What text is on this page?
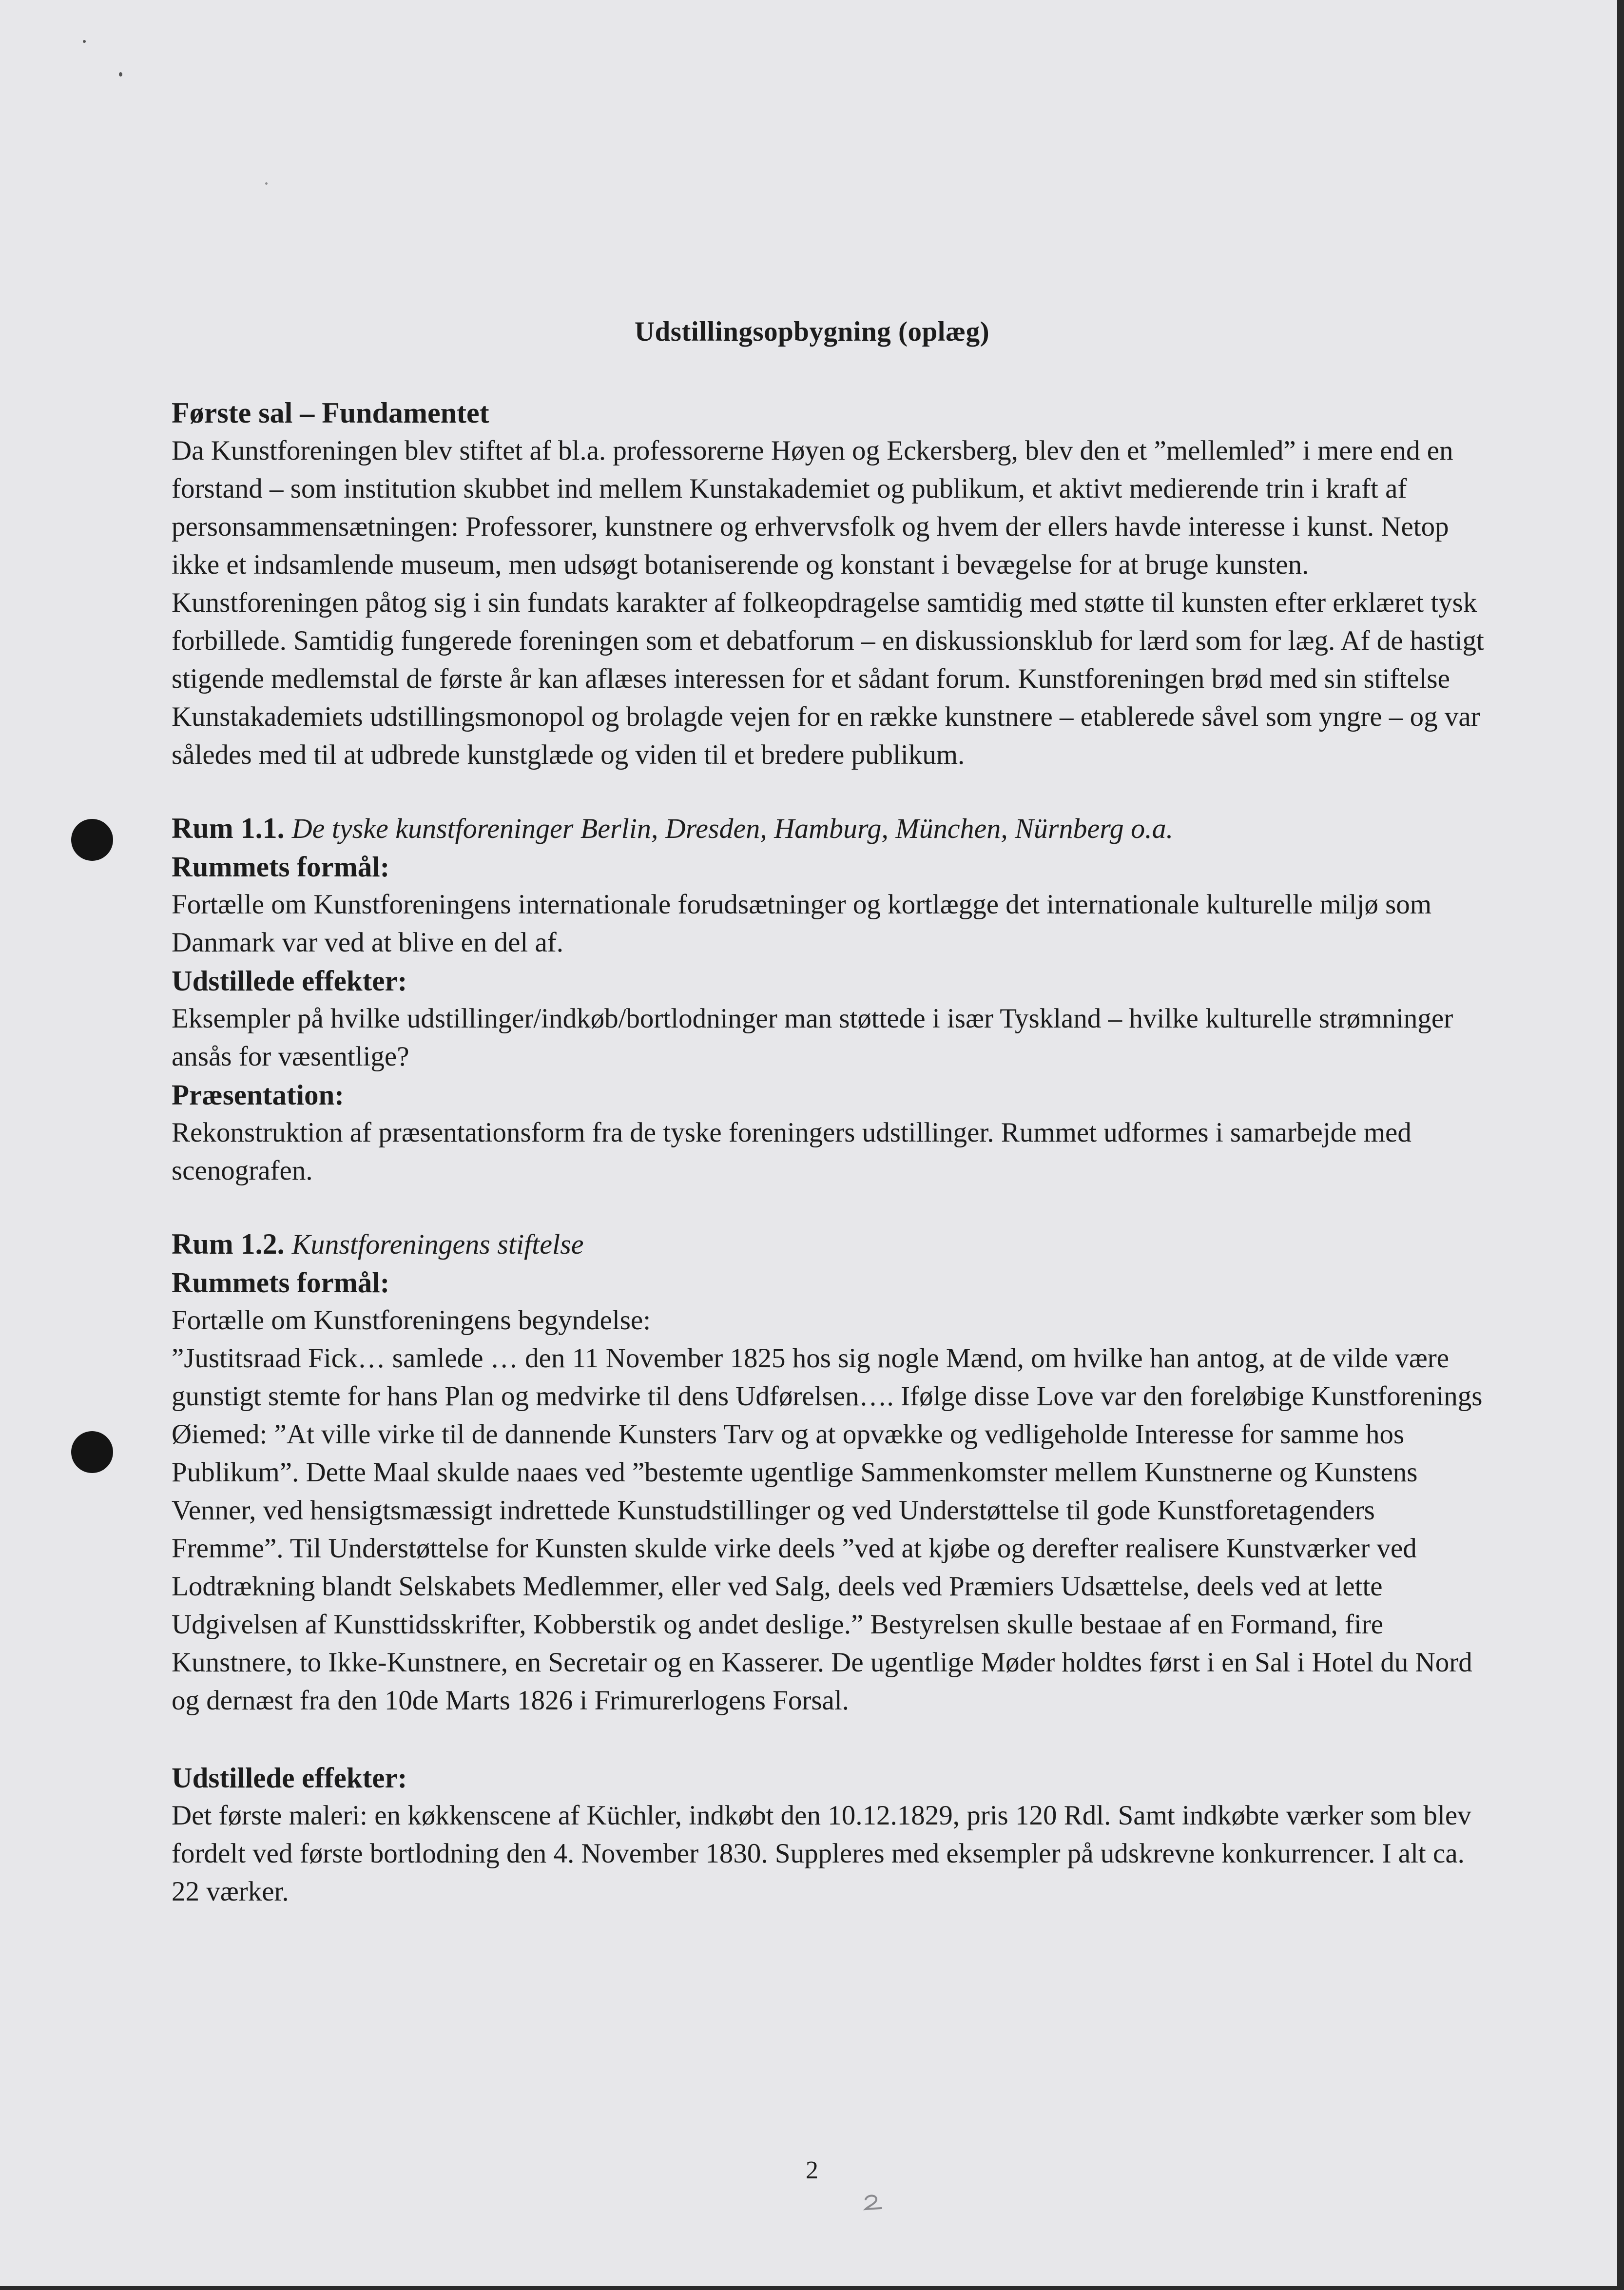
Udstillingsopbygning (oplæg)

Første sal – Fundamentet

Da Kunstforeningen blev stiftet af bl.a. professorerne Høyen og Eckersberg, blev den et ”mellemled” i mere end en forstand – som institution skubbet ind mellem Kunstakademiet og publikum, et aktivt medierende trin i kraft af personsammensætningen: Professorer, kunstnere og erhvervsfolk og hvem der ellers havde interesse i kunst. Netop ikke et indsamlende museum, men udsøgt botaniserende og konstant i bevægelse for at bruge kunsten. Kunstforeningen påtog sig i sin fundats karakter af folkeopdragelse samtidig med støtte til kunsten efter erklæret tysk forbillede. Samtidig fungerede foreningen som et debatforum – en diskussionsklub for lærd som for læg. Af de hastigt stigende medlemstal de første år kan aflæses interessen for et sådant forum. Kunstforeningen brød med sin stiftelse Kunstakademiets udstillingsmonopol og brolagde vejen for en række kunstnere – etablerede såvel som yngre – og var således med til at udbrede kunstglæde og viden til et bredere publikum.

Rum 1.1. De tyske kunstforeninger Berlin, Dresden, Hamburg, München, Nürnberg o.a.

Rummets formål:

Fortælle om Kunstforeningens internationale forudsætninger og kortlægge det internationale kulturelle miljø som Danmark var ved at blive en del af.

Udstillede effekter:

Eksempler på hvilke udstillinger/indkøb/bortlodninger man støttede i især Tyskland – hvilke kulturelle strømninger ansås for væsentlige?

Præsentation:

Rekonstruktion af præsentationsform fra de tyske foreningers udstillinger. Rummet udformes i samarbejde med scenografen.

Rum 1.2. Kunstforeningens stiftelse

Rummets formål:

Fortælle om Kunstforeningens begyndelse:

”Justitsraad Fick… samlede … den 11 November 1825 hos sig nogle Mænd, om hvilke han antog, at de vilde være gunstigt stemte for hans Plan og medvirke til dens Udførelsen…. Ifølge disse Love var den foreløbige Kunstforenings Øiemed: ”At ville virke til de dannende Kunsters Tarv og at opvække og vedligeholde Interesse for samme hos Publikum”. Dette Maal skulde naaes ved ”bestemte ugentlige Sammenkomster mellem Kunstnerne og Kunstens Venner, ved hensigtsmæssigt indrettede Kunstudstillinger og ved Understøttelse til gode Kunstforetagenders Fremme”. Til Understøttelse for Kunsten skulde virke deels ”ved at kjøbe og derefter realisere Kunstværker ved Lodtrækning blandt Selskabets Medlemmer, eller ved Salg, deels ved Præmiers Udsættelse, deels ved at lette Udgivelsen af Kunsttidsskrifter, Kobberstik og andet deslige.” Bestyrelsen skulle bestaae af en Formand, fire Kunstnere, to Ikke-Kunstnere, en Secretair og en Kasserer. De ugentlige Møder holdtes først i en Sal i Hotel du Nord og dernæst fra den 10de Marts 1826 i Frimurerlogens Forsal.

Udstillede effekter:

Det første maleri: en køkkenscene af Küchler, indkøbt den 10.12.1829, pris 120 Rdl. Samt indkøbte værker som blev fordelt ved første bortlodning den 4. November 1830. Suppleres med eksempler på udskrevne konkurrencer. I alt ca. 22 værker.

2
